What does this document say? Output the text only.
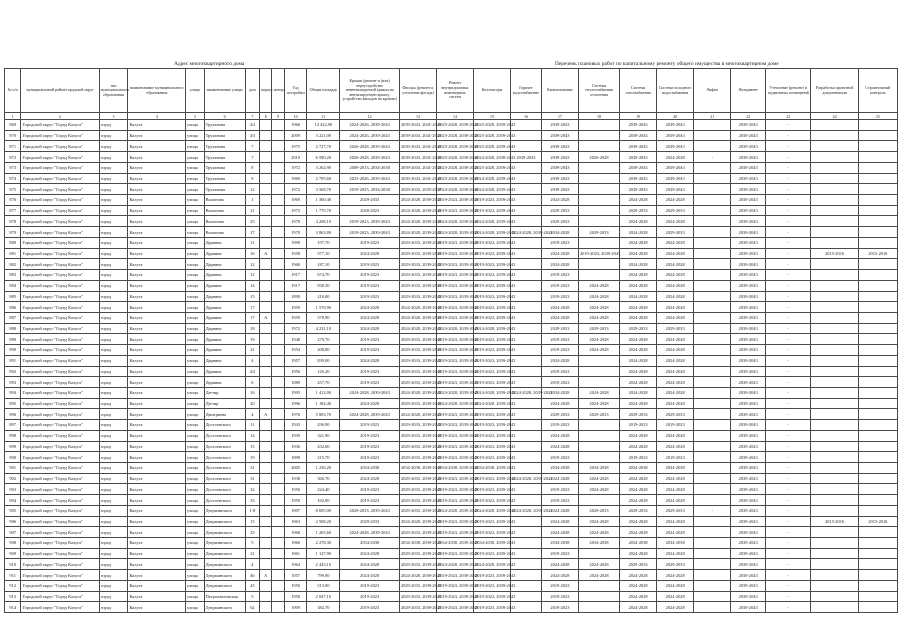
Адрес многоквартирного дома	Перечень плановых работ по капитальному ремонту общего имущества в многоквартирном доме
№ п/п	муниципальный район/городской округ	тип муниципального образования	наименование муниципального образования	улица	наименование улицы	дом	корпус	литера	Год постройки	Общая площадь	Крыши (ремонт и (или) переустройство невентилируемой крыши на вентилируемую крышу, устройство выходов на кровлю)	Фасады (ремонт и утепление фасада)	Ремонт внутридомовых инженерных систем	Коллекторы	Горячее водоснабжение	Канализование	Система теплоснабжения отопления	Система газоснабжения	Система холодного водоснабжения	Лифты	Фундамент	Утепление (ремонт) и подвальных помещений	Разработка проектной документации	Строительный контроль
1	2	3	4	5	6	7	8	9	10	11	12	13	14	15	16	17	18	19	20	21	22	23	24	25
869	Городской округ "Город Калуга"	город	Калуга	улица	Труханова	4/2			1966	14 422,90	2024-2026, 2039-2043	2039-2043, 2041-2043	2025-2028, 2039-2043	2025-2028, 2039-2043		2039-2043		2039-2043	2039-2043		2039-2043	-		
870	Городской округ "Город Калуга"	город	Калуга	улица	Труханова	4/3			2009	3 221,00	2024-2026, 2039-2043	2039-2043, 2041-2043	2025-2028, 2039-2043	2025-2028, 2039-2043		2039-2043		2039-2043	2039-2043		2039-2043	-		
871	Городской округ "Город Калуга"	город	Калуга	улица	Труханова	7			1975	2 727,70	2026-2028, 2039-2043	2039-2043, 2041-2043	2025-2028, 2039-2043	2025-2028, 2039-2043		2039-2043		2039-2043	2039-2043		2039-2043	-		
872	Городской округ "Город Калуга"	город	Калуга	улица	Труханова	7			2010	6 590,20	2026-2028, 2039-2043	2039-2043, 2041-2043	2025-2028, 2039-2043	2024-2028, 2038-2043	2039-2043	2039-2043	2026-2028	2039-2043	2024-2028	-	2039-2043	-		
873	Городской округ "Город Калуга"	город	Калуга	улица	Труханова	8			1972	3 262,90	2009-2013, 2034-2038	2039-2043, 2041-2043	2025-2028, 2039-2043	2025-2028, 2039-2043		2039-2043		2039-2043	2039-2043		2039-2043	-		
874	Городской округ "Город Калуга"	город	Калуга	улица	Труханова	9			1969	2 795,60	2025-2026, 2039-2043	2039-2043, 2041-2043	2025-2028, 2039-2043	2024-2028, 2039-2043		2039-2043		2039-2043	2039-2043		2039-2043	-		
875	Городской округ "Город Калуга"	город	Калуга	улица	Труханова	12			1972	3 568,70	2019-2025, 2034-2038	2029-2033, 2035-2037	2024-2028, 2039-2043	2024-2028, 2039-2043		2039-2043		2039-2043	2039-2043		2039-2043	-		
876	Городской округ "Город Калуга"	город	Калуга	улица	Вилонова	1			1969	1 360,40	2029-2033	2024-2028, 2039-2043	2019-2023, 2039-2043	2019-2023, 2039-2043		2024-2028		2024-2028	2024-2028		2039-2043	-		
877	Городской округ "Город Калуга"	город	Калуга	улица	Вилонова	21			1973	1 770,70	2020-2023	2024-2028, 2039-2043	2019-2023, 2039-2043	2019-2023, 2039-2043		2029-2033		2029-2033	2029-2033		2039-2043	-		
878	Городской округ "Город Калуга"	город	Калуга	улица	Вилонова	25			1978	4 208,10	2019-2023, 2039-2043	2024-2028, 2039-2043	2024-2028, 2039-2043	2024-2028, 2039-2043		2029-2033		2024-2028	2024-2028		2039-2043	-		
879	Городской округ "Город Калуга"	город	Калуга	улица	Вилонова	27			1970	3 863,80	2019-2023, 2039-2043	2024-2028, 2039-2043	2024-2028, 2039-2043	2024-2028, 2039-2043	2024-2028, 2039-2043	2024-2028	2029-2033	2024-2028	2029-2033		2039-2043	-		
880	Городской округ "Город Калуга"	город	Калуга	улица	Дарвина	11			1990	197,70	2019-2023	2029-2033, 2039-2043	2019-2023, 2039-2043	2019-2023, 2039-2043		2019-2023		2024-2028	2024-2028		2039-2043	-		
881	Городской округ "Город Калуга"	город	Калуга	улица	Дарвина	16	А		1958	577,10	2024-2028	2029-2033, 2039-2043	2019-2023, 2039-2043	2019-2023, 2039-2043		2024-2028	2019-2023, 2039-2043	2024-2028	2024-2028		2039-2043	-	2015-2016	2015-2016
882	Городской округ "Город Калуга"	город	Калуга	улица	Дарвина	12			1960	187,10	2019-2023	2029-2033, 2039-2043	2019-2023, 2039-2043	2019-2023, 2039-2043		2024-2028		2024-2028	2024-2028		2039-2043	-		
883	Городской округ "Город Калуга"	город	Калуга	улица	Дарвина	12			1917	674,70	2019-2023	2029-2033, 2039-2043	2019-2023, 2039-2043	2019-2023, 2039-2043		2019-2023		2024-2028	2024-2028		2039-2043	-		
884	Городской округ "Город Калуга"	город	Калуга	улица	Дарвина	14			1917	930,30	2019-2023	2029-2033, 2039-2043	2019-2023, 2039-2043	2019-2023, 2039-2043		2019-2023	2024-2028	2024-2028	2024-2028		2039-2043	-		
885	Городской округ "Город Калуга"	город	Калуга	улица	Дарвина	15			1890	216,00	2019-2023	2029-2033, 2039-2043	2019-2023, 2039-2043	2019-2023, 2039-2043		2019-2023	2024-2028	2024-2028	2024-2028		2039-2043	-		
886	Городской округ "Город Калуга"	город	Калуга	улица	Дарвина	17			1959	1 570,90	2024-2028	2024-2028, 2039-2043	2019-2023, 2039-2043	2019-2023, 2039-2043		2024-2028	2024-2028	2024-2028	2024-2028		2039-2043	-		
887	Городской округ "Город Калуга"	город	Калуга	улица	Дарвина	17	А		1959	378,90	2024-2028	2024-2028, 2039-2043	2019-2023, 2039-2043	2019-2023, 2039-2043		2024-2028	2024-2028	2024-2028	2024-2028		2039-2043	-		
888	Городской округ "Город Калуга"	город	Калуга	улица	Дарвина	18			1972	4 231,10	2024-2028	2024-2028, 2039-2043	2024-2028, 2039-2043	2024-2028, 2039-2043		2029-2033	2029-2033	2029-2033	2029-2033		2039-2043	-		
889	Городской округ "Город Калуга"	город	Калуга	улица	Дарвина	19			1948	270,70	2019-2023	2029-2033, 2039-2043	2019-2023, 2039-2043	2019-2023, 2039-2043		2019-2023	2024-2028	2024-2028	2024-2028		2039-2043	-		
890	Городской округ "Город Калуга"	город	Калуга	улица	Дарвина	21			1954	208,00	2019-2023	2029-2033, 2039-2043	2019-2023, 2039-2043	2019-2023, 2039-2043		2019-2023	2024-2028	2024-2028	2024-2028		2039-2043	-		
891	Городской округ "Город Калуга"	город	Калуга	улица	Дарвина	4			1957	839,00	2024-2028	2029-2033, 2039-2043	2019-2023, 2039-2043	2019-2023, 2039-2043		2024-2028		2024-2028	2024-2028		2039-2043	-		
892	Городской округ "Город Калуга"	город	Калуга	улица	Дарвина	4/2			1956	145,20	2019-2023	2029-2033, 2039-2043	2019-2023, 2039-2043	2019-2023, 2039-2043		2019-2023		2024-2028	2024-2028		2039-2043	-		
893	Городской округ "Город Калуга"	город	Калуга	улица	Дарвина	6			1889	257,70	2019-2023	2029-2033, 2039-2043	2019-2023, 2039-2043	2019-2023, 2039-2043		2019-2023		2024-2028	2024-2028		2039-2043	-		
894	Городской округ "Город Калуга"	город	Калуга	улица	Дегтяр	16			1993	1 412,00	2024-2028, 2039-2043	2024-2028, 2039-2043	2024-2028, 2039-2043	2024-2028, 2039-2043	2024-2028, 2039-2043	2024-2028	2024-2028	2024-2028	2024-2028		2039-2043	-		
895	Городской округ "Город Калуга"	город	Калуга	улица	Дегтяр	20			1996	1 184,40	2024-2028	2029-2033, 2039-2043	2024-2028, 2039-2043	2024-2028, 2039-2043		2024-2028	2024-2028	2024-2028	2024-2028		2039-2043	-		
896	Городской округ "Город Калуга"	город	Калуга	улица	Дмитриева	4	А		1976	5 803,70	2024-2028, 2039-2043	2024-2028, 2039-2043	2019-2023, 2039-2043	2019-2023, 2039-2043		2029-2033	2029-2033	2029-2033	2029-2033		2039-2043	-		
897	Городской округ "Город Калуга"	город	Калуга	улица	Достоевского	11			1943	436,90	2019-2023	2029-2033, 2039-2043	2019-2023, 2039-2043	2019-2023, 2039-2043		2019-2023		2019-2023	2019-2023		2039-2043	-		
898	Городской округ "Город Калуга"	город	Калуга	улица	Достоевского	14			1939	321,90	2019-2023	2029-2033, 2039-2043	2019-2023, 2039-2043	2019-2023, 2039-2043		2024-2028		2024-2028	2024-2028		2039-2043	-		
899	Городской округ "Город Калуга"	город	Калуга	улица	Достоевского	15			1936	432,60	2019-2023	2029-2033, 2039-2043	2019-2023, 2039-2043	2019-2023, 2039-2043		2024-2028		2024-2028	2024-2028		2039-2043	-		
900	Городской округ "Город Калуга"	город	Калуга	улица	Достоевского	19			1899	215,70	2019-2023	2029-2033, 2039-2043	2019-2023, 2039-2043	2019-2023, 2039-2043		2019-2023		2019-2023	2019-2023		2039-2043	-		
901	Городской округ "Город Калуга"	город	Калуга	улица	Достоевского	31			2005	1 230,20	2034-2038	2034-2038, 2039-2043	2034-2038, 2039-2043	2034-2038, 2039-2043		2034-2038	2034-2038	2034-2038	2034-2038		2039-2043	-		
902	Городской округ "Город Калуга"	город	Калуга	улица	Достоевского	31			1938	566,70	2024-2028	2029-2033, 2039-2043	2019-2023, 2039-2043	2019-2023, 2039-2043	2024-2028, 2039-2043	2024-2028	2024-2028	2024-2028	2024-2028		2039-2043	-		
903	Городской округ "Город Калуга"	город	Калуга	улица	Достоевского	32			1950	224,40	2019-2023	2029-2033, 2039-2043	2019-2023, 2039-2043	2019-2023, 2039-2043		2019-2023	2024-2028	2024-2028	2024-2028		2039-2043	-		
904	Городской округ "Город Калуга"	город	Калуга	улица	Достоевского	33			1959	192,00	2019-2023	2029-2033, 2039-2043	2019-2023, 2039-2043	2019-2023, 2039-2043		2019-2023		2024-2028	2024-2028		2039-2043	-		
905	Городской округ "Город Калуга"	город	Калуга	улица	Дзержинского	1-8			1997	8 695,00	2029-2033, 2039-2043	2029-2033, 2039-2043	2024-2028, 2039-2043	2024-2028, 2039-2043	2024-2028, 2039-2043	2024-2028	2029-2033	2029-2033	2029-2033	-	2039-2043	-		
906	Городской округ "Город Калуга"	город	Калуга	улица	Дзержинского	15			1963	2 508,20	2029-2033	2024-2028, 2039-2043	2019-2023, 2039-2043	2019-2023, 2039-2043		2024-2028	2024-2028	2024-2028	2024-2028		2039-2043	-	2015-2016	2015-2016
907	Городской округ "Город Калуга"	город	Калуга	улица	Дзержинского	25			1968	1 265,60	2024-2028, 2039-2043	2029-2033, 2039-2043	2019-2023, 2039-2043	2019-2023, 2039-2043		2024-2028	2024-2028	2024-2028	2024-2028		2039-2043	-		
908	Городской округ "Город Калуга"	город	Калуга	улица	Дзержинского	5			1966	2 278,30	2034-2038	2034-2038, 2039-2043	2034-2038, 2039-2043	2034-2038, 2039-2043		2034-2038	2034-2038	2034-2038	2034-2038		2039-2043	-		
909	Городской округ "Город Калуга"	город	Калуга	улица	Дзержинского	21			1961	1 127,90	2024-2028	2029-2033, 2039-2043	2019-2023, 2039-2043	2019-2023, 2039-2043		2019-2023		2024-2028	2024-2028		2039-2043	-		
910	Городской округ "Город Калуга"	город	Калуга	улица	Дзержинского	4			1964	2 443,10	2024-2028	2029-2033, 2039-2043	2024-2028, 2039-2043	2024-2028, 2039-2043		2024-2028	2024-2028	2029-2033	2029-2033		2039-2043	-		
911	Городской округ "Город Калуга"	город	Калуга	улица	Дзержинского	46	А		1957	799,90	2024-2028	2024-2028, 2039-2043	2019-2023, 2039-2043	2019-2023, 2039-2043		2024-2028	2024-2028	2024-2028	2024-2028		2039-2043	-		
912	Городской округ "Город Калуга"	город	Калуга	улица	Дзержинского	45			1950	513,90	2019-2023	2029-2033, 2039-2043	2019-2023, 2039-2043	2019-2023, 2039-2043		2019-2023		2024-2028	2024-2028		2039-2043	-		
913	Городской округ "Город Калуга"	город	Калуга	улица	Петропавловская	5			1950	2 047,10	2019-2023	2029-2033, 2039-2043	2019-2023, 2039-2043	2019-2023, 2039-2043		2019-2023		2024-2028	2024-2028		2039-2043	-		
914	Городской округ "Город Калуга"	город	Калуга	улица	Дзержинского	62			1909	382,70	2019-2023	2029-2033, 2039-2043	2019-2023, 2039-2043	2019-2023, 2039-2043		2019-2023		2024-2028	2024-2028		2039-2043	-		
